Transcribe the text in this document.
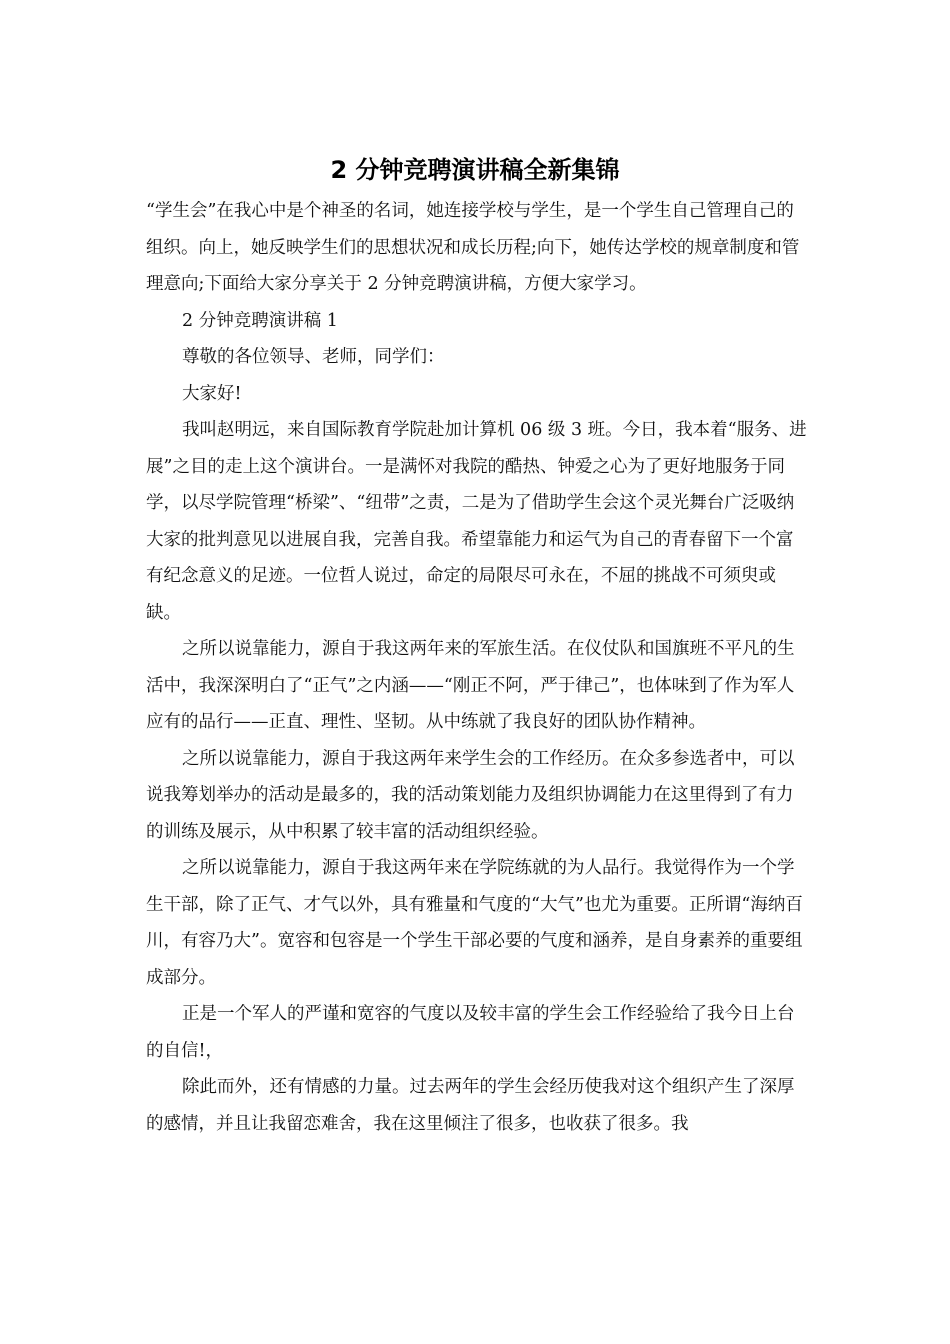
2 分钟竞聘演讲稿全新集锦

“学生会”在我心中是个神圣的名词，她连接学校与学生，是一个学生自己管理自己的组织。向上，她反映学生们的思想状况和成长历程;向下，她传达学校的规章制度和管理意向;下面给大家分享关于 2 分钟竞聘演讲稿，方便大家学习。

2 分钟竞聘演讲稿 1

尊敬的各位领导、老师，同学们：

大家好!

我叫赵明远，来自国际教育学院赴加计算机 06 级 3 班。今日，我本着“服务、进展”之目的走上这个演讲台。一是满怀对我院的酷热、钟爱之心为了更好地服务于同学，以尽学院管理“桥梁”、“纽带”之责，二是为了借助学生会这个灵光舞台广泛吸纳大家的批判意见以进展自我，完善自我。希望靠能力和运气为自己的青春留下一个富有纪念意义的足迹。一位哲人说过，命定的局限尽可永在，不屈的挑战不可须臾或缺。

之所以说靠能力，源自于我这两年来的军旅生活。在仪仗队和国旗班不平凡的生活中，我深深明白了“正气”之内涵——“刚正不阿，严于律己”，也体味到了作为军人应有的品行——正直、理性、坚韧。从中练就了我良好的团队协作精神。

之所以说靠能力，源自于我这两年来学生会的工作经历。在众多参选者中，可以说我筹划举办的活动是最多的，我的活动策划能力及组织协调能力在这里得到了有力的训练及展示，从中积累了较丰富的活动组织经验。

之所以说靠能力，源自于我这两年来在学院练就的为人品行。我觉得作为一个学生干部，除了正气、才气以外，具有雅量和气度的“大气”也尤为重要。正所谓“海纳百川，有容乃大”。宽容和包容是一个学生干部必要的气度和涵养，是自身素养的重要组成部分。

正是一个军人的严谨和宽容的气度以及较丰富的学生会工作经验给了我今日上台的自信!，

除此而外，还有情感的力量。过去两年的学生会经历使我对这个组织产生了深厚的感情，并且让我留恋难舍，我在这里倾注了很多，也收获了很多。我
